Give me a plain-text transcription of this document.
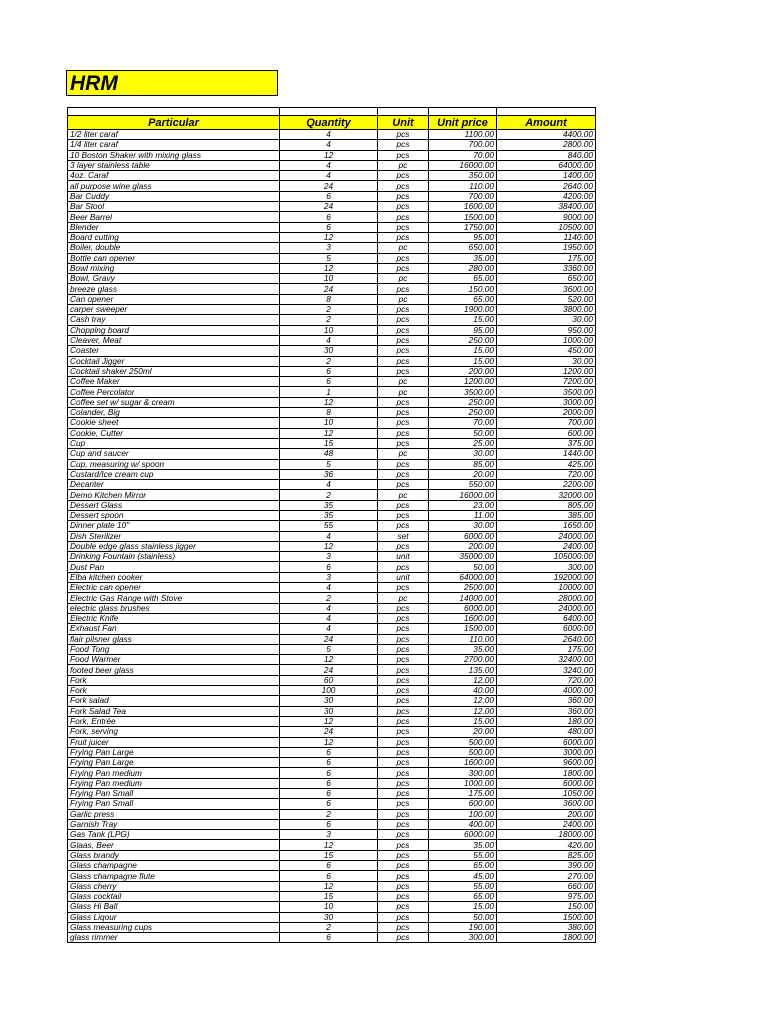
HRM

Particular	Quantity	Unit	Unit price	Amount
1/2 liter caraf	4	pcs	1100.00	4400.00
1/4 liter caraf	4	pcs	700.00	2800.00
10 Boston Shaker with mixing glass	12	pcs	70.00	840.00
3 layer stainless table	4	pc	16000.00	64000.00
4oz. Caraf	4	pcs	350.00	1400.00
all purpose wine glass	24	pcs	110.00	2640.00
Bar Cuddy	6	pcs	700.00	4200.00
Bar Stool	24	pcs	1600.00	38400.00
Beer Barrel	6	pcs	1500.00	9000.00
Blender	6	pcs	1750.00	10500.00
Board cutting	12	pcs	95.00	1140.00
Boiler, double	3	pc	650.00	1950.00
Bottle can opener	5	pcs	35.00	175.00
Bowl mixing	12	pcs	280.00	3360.00
Bowl, Gravy	10	pc	65.00	650.00
breeze glass	24	pcs	150.00	3600.00
Can opener	8	pc	65.00	520.00
carper sweeper	2	pcs	1900.00	3800.00
Cash tray	2	pcs	15.00	30.00
Chopping board	10	pcs	95.00	950.00
Cleaver, Meat	4	pcs	250.00	1000.00
Coaster	30	pcs	15.00	450.00
Cocktail Jigger	2	pcs	15.00	30.00
Cocktail shaker 250ml	6	pcs	200.00	1200.00
Coffee Maker	6	pc	1200.00	7200.00
Coffee Percolator	1	pc	3500.00	3500.00
Coffee set w/ sugar & cream	12	pcs	250.00	3000.00
Colander, Big	8	pcs	250.00	2000.00
Cookie sheet	10	pcs	70.00	700.00
Cookie, Cutter	12	pcs	50.00	600.00
Cup	15	pcs	25.00	375.00
Cup and saucer	48	pc	30.00	1440.00
Cup, measuring w/ spoon	5	pcs	85.00	425.00
Custard/Ice cream cup	36	pcs	20.00	720.00
Decanter	4	pcs	550.00	2200.00
Demo Kitchen Mirror	2	pc	16000.00	32000.00
Dessert Glass	35	pcs	23.00	805.00
Dessert spoon	35	pcs	11.00	385.00
Dinner plate 10"	55	pcs	30.00	1650.00
Dish Sterilizer	4	set	6000.00	24000.00
Double edge glass stainless jigger	12	pcs	200.00	2400.00
Drinking Fountain (stainless)	3	unit	35000.00	105000.00
Dust Pan	6	pcs	50.00	300.00
Elba kitchen cooker	3	unit	64000.00	192000.00
Electric can opener	4	pcs	2500.00	10000.00
Electric Gas Range with Stove	2	pc	14000.00	28000.00
electric glass brushes	4	pcs	6000.00	24000.00
Electric Knife	4	pcs	1600.00	6400.00
Exhaust Fan	4	pcs	1500.00	6000.00
flair pilsner glass	24	pcs	110.00	2640.00
Food Tong	5	pcs	35.00	175.00
Food Warmer	12	pcs	2700.00	32400.00
footed beer glass	24	pcs	135.00	3240.00
Fork	60	pcs	12.00	720.00
Fork	100	pcs	40.00	4000.00
Fork salad	30	pcs	12.00	360.00
Fork Salad Tea	30	pcs	12.00	360.00
Fork, Entrée	12	pcs	15.00	180.00
Fork, serving	24	pcs	20.00	480.00
Fruit juicer	12	pcs	500.00	6000.00
Frying Pan Large	6	pcs	500.00	3000.00
Frying Pan Large	6	pcs	1600.00	9600.00
Frying Pan medium	6	pcs	300.00	1800.00
Frying Pan medium	6	pcs	1000.00	6000.00
Frying Pan Small	6	pcs	175.00	1050.00
Frying Pan Small	6	pcs	600.00	3600.00
Garlic press	2	pcs	100.00	200.00
Garnish Tray	6	pcs	400.00	2400.00
Gas Tank (LPG)	3	pcs	6000.00	18000.00
Glaas, Beer	12	pcs	35.00	420.00
Glass brandy	15	pcs	55.00	825.00
Glass champagne	6	pcs	65.00	390.00
Glass champagne flute	6	pcs	45.00	270.00
Glass cherry	12	pcs	55.00	660.00
Glass cocktail	15	pcs	65.00	975.00
Glass Hi Ball	10	pcs	15.00	150.00
Glass Liqour	30	pcs	50.00	1500.00
Glass measuring cups	2	pcs	190.00	380.00
glass rimmer	6	pcs	300.00	1800.00
